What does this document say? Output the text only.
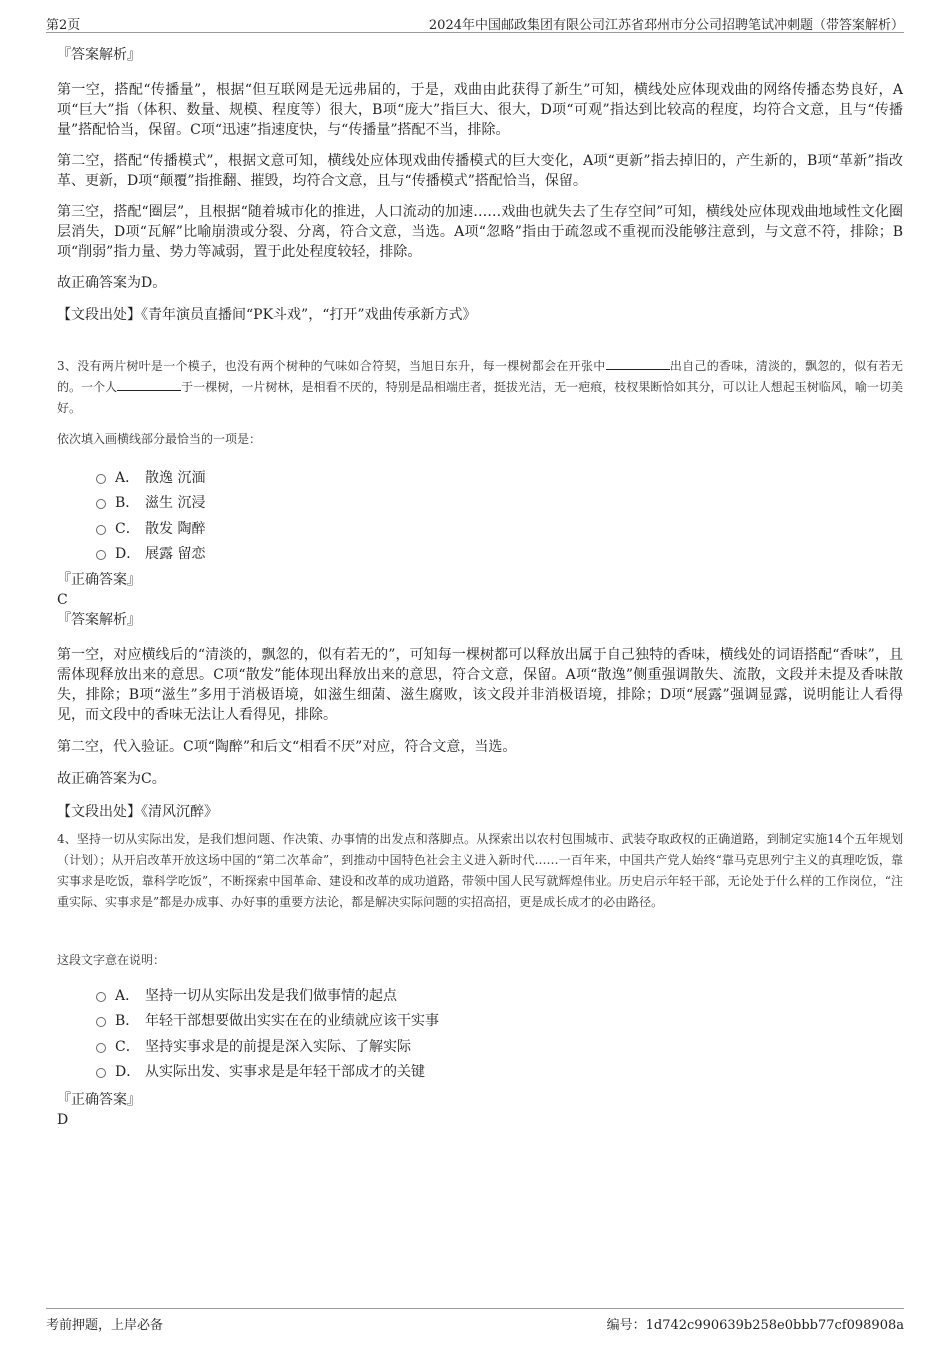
第2页	2024年中国邮政集团有限公司江苏省邳州市分公司招聘笔试冲刺题（带答案解析）

『答案解析』

第一空，搭配“传播量”，根据“但互联网是无远弗届的，于是，戏曲由此获得了新生”可知，横线处应体现戏曲的网络传播态势良好，A项“巨大”指（体积、数量、规模、程度等）很大，B项“庞大”指巨大、很大，D项“可观”指达到比较高的程度，均符合文意，且与“传播量”搭配恰当，保留。C项“迅速”指速度快，与“传播量”搭配不当，排除。

第二空，搭配“传播模式”，根据文意可知，横线处应体现戏曲传播模式的巨大变化，A项“更新”指去掉旧的，产生新的，B项“革新”指改革、更新，D项“颠覆”指推翻、摧毁，均符合文意，且与“传播模式”搭配恰当，保留。

第三空，搭配“圈层”，且根据“随着城市化的推进，人口流动的加速……戏曲也就失去了生存空间”可知，横线处应体现戏曲地域性文化圈层消失，D项“瓦解”比喻崩溃或分裂、分离，符合文意，当选。A项“忽略”指由于疏忽或不重视而没能够注意到，与文意不符，排除；B项“削弱”指力量、势力等减弱，置于此处程度较轻，排除。

故正确答案为D。

【文段出处】《青年演员直播间“PK斗戏”，“打开”戏曲传承新方式》

3、没有两片树叶是一个模子，也没有两个树种的气味如合符契，当旭日东升，每一棵树都会在开张中	出自己的香味，清淡的，飘忽的，似有若无的。一个人	于一棵树，一片树林，是相看不厌的，特别是品相端庄者，挺拔光洁，无一疤痕，枝杈果断恰如其分，可以让人想起玉树临风，喻一切美好。

依次填入画横线部分最恰当的一项是：

A． 散逸 沉湎
B． 滋生 沉浸
C． 散发 陶醉
D． 展露 留恋

『正确答案』

C

『答案解析』

第一空，对应横线后的“清淡的，飘忽的，似有若无的”，可知每一棵树都可以释放出属于自己独特的香味，横线处的词语搭配“香味”，且需体现释放出来的意思。C项“散发”能体现出释放出来的意思，符合文意，保留。A项“散逸”侧重强调散失、流散，文段并未提及香味散失，排除；B项“滋生”多用于消极语境，如滋生细菌、滋生腐败，该文段并非消极语境，排除；D项“展露”强调显露，说明能让人看得见，而文段中的香味无法让人看得见，排除。

第二空，代入验证。C项“陶醉”和后文“相看不厌”对应，符合文意，当选。

故正确答案为C。

【文段出处】《清风沉醉》

4、坚持一切从实际出发，是我们想问题、作决策、办事情的出发点和落脚点。从探索出以农村包围城市、武装夺取政权的正确道路，到制定实施14个五年规划（计划）；从开启改革开放这场中国的“第二次革命”，到推动中国特色社会主义进入新时代……一百年来，中国共产党人始终“靠马克思列宁主义的真理吃饭，靠实事求是吃饭，靠科学吃饭”，不断探索中国革命、建设和改革的成功道路，带领中国人民写就辉煌伟业。历史启示年轻干部，无论处于什么样的工作岗位，“注重实际、实事求是”都是办成事、办好事的重要方法论，都是解决实际问题的实招高招，更是成长成才的必由路径。

这段文字意在说明：

A． 坚持一切从实际出发是我们做事情的起点
B． 年轻干部想要做出实实在在的业绩就应该干实事
C． 坚持实事求是的前提是深入实际、了解实际
D． 从实际出发、实事求是是年轻干部成才的关键

『正确答案』

D

考前押题，上岸必备	编号：1d742c990639b258e0bbb77cf098908a
